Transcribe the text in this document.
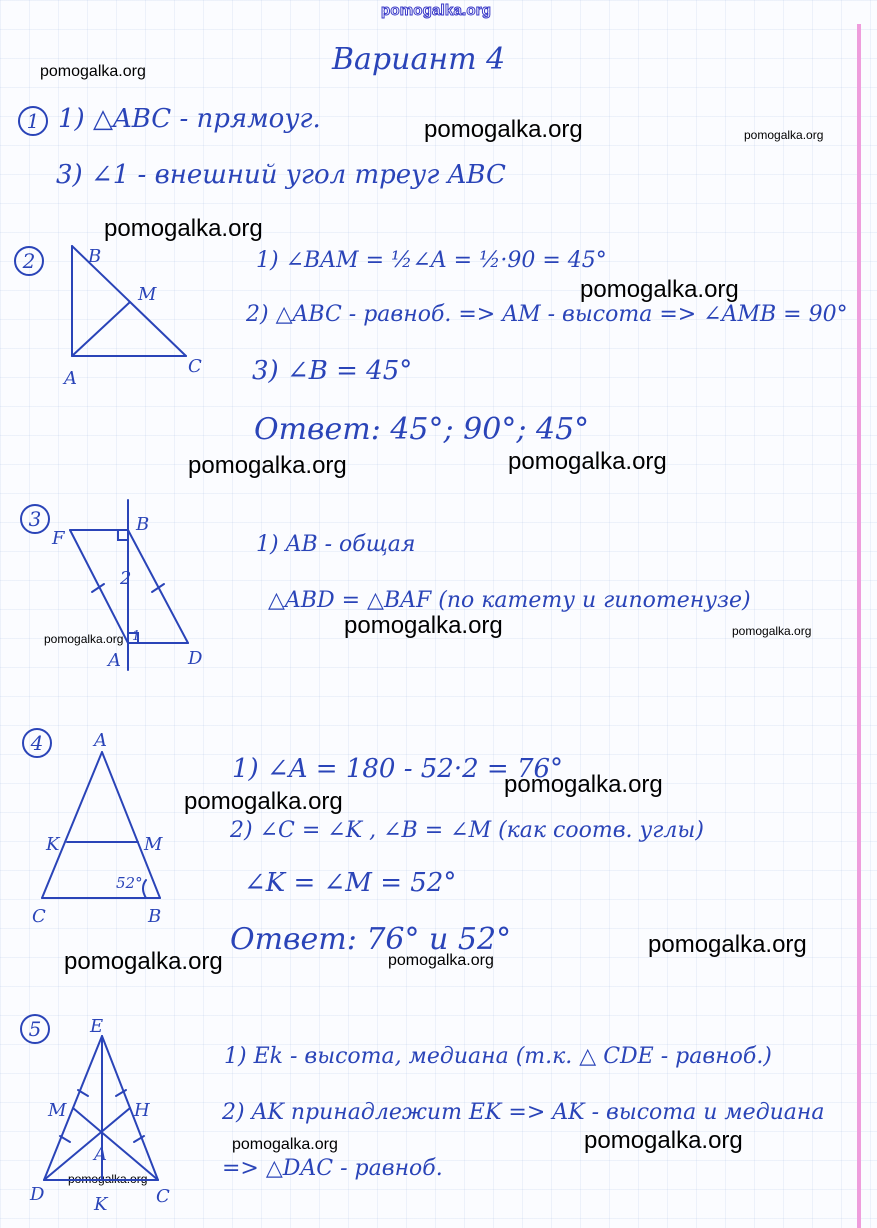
pomogalka.org
pomogalka.org
pomogalka.org	pomogalka.org
pomogalka.org
pomogalka.org
pomogalka.org	pomogalka.org
pomogalka.org
pomogalka.org
pomogalka.org
pomogalka.org
pomogalka.org
pomogalka.org
pomogalka.org	pomogalka.org
pomogalka.org	pomogalka.org
pomogalka.org
Вариант 4
1 1) △ABC - прямоуг.
3) ∠1 - внешний угол треуг ABC
2	B
M
A
C
1) ∠BAM = ½∠A = ½·90 = 45°
2) △ABC - равноб. => AM - высота => ∠AMB = 90°
3) ∠B = 45°
Ответ: 45°; 90°; 45°
3
F
B
A	D
2
1
1) AB - общая
△ABD = △BAF (по катету и гипотенузе)
4	A
K	M
C	B
52°
1) ∠A = 180 - 52·2 = 76°
2) ∠C = ∠K , ∠B = ∠M (как соотв. углы)
∠K = ∠M = 52°
Ответ: 76° и 52°
5	E
M	H
A
D	K	C
1) Ek - высота, медиана (т.к. △ CDE - равноб.)
2) AK принадлежит EK => AK - высота и медиана
=> △DAC - равноб.
